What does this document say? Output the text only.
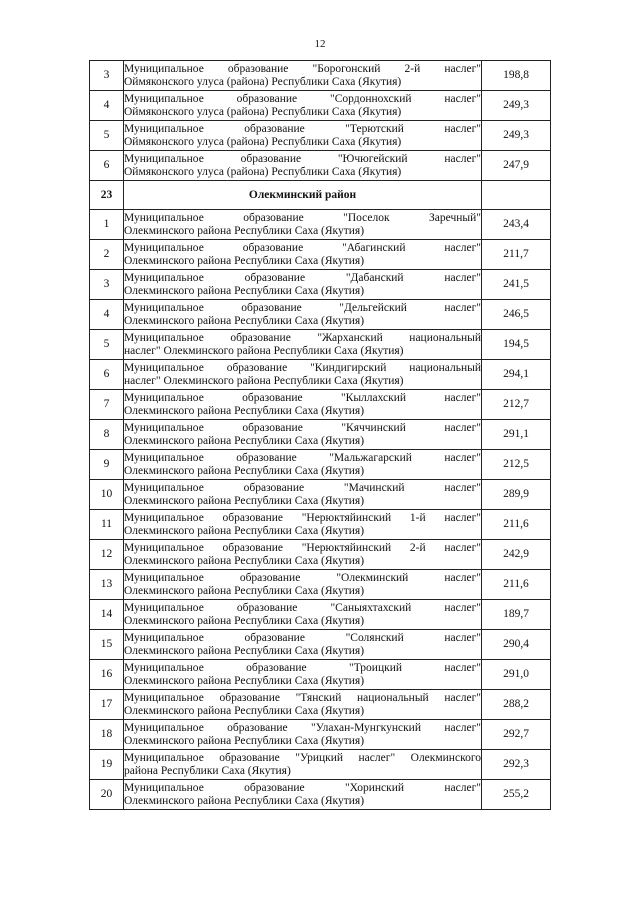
12
3	Муниципальное образование "Борогонский 2-й наслег"
Оймяконского улуса (района) Республики Саха (Якутия)	198,8
4	Муниципальное образование "Сордоннохский наслег"
Оймяконского улуса (района) Республики Саха (Якутия)	249,3
5	Муниципальное образование "Терютский наслег"
Оймяконского улуса (района) Республики Саха (Якутия)	249,3
6	Муниципальное образование "Ючюгейский наслег"
Оймяконского улуса (района) Республики Саха (Якутия)	247,9
23	Олекминский район	
1	Муниципальное образование "Поселок Заречный"
Олекминского района Республики Саха (Якутия)	243,4
2	Муниципальное образование "Абагинский наслег"
Олекминского района Республики Саха (Якутия)	211,7
3	Муниципальное образование "Дабанский наслег"
Олекминского района Республики Саха (Якутия)	241,5
4	Муниципальное образование "Дельгейский наслег"
Олекминского района Республики Саха (Якутия)	246,5
5	Муниципальное образование "Жарханский национальный
наслег" Олекминского района Республики Саха (Якутия)	194,5
6	Муниципальное образование "Киндигирский национальный
наслег" Олекминского района Республики Саха (Якутия)	294,1
7	Муниципальное образование "Кыллахский наслег"
Олекминского района Республики Саха (Якутия)	212,7
8	Муниципальное образование "Кяччинский наслег"
Олекминского района Республики Саха (Якутия)	291,1
9	Муниципальное образование "Мальжагарский наслег"
Олекминского района Республики Саха (Якутия)	212,5
10	Муниципальное образование "Мачинский наслег"
Олекминского района Республики Саха (Якутия)	289,9
11	Муниципальное образование "Нерюктяйинский 1-й наслег"
Олекминского района Республики Саха (Якутия)	211,6
12	Муниципальное образование "Нерюктяйинский 2-й наслег"
Олекминского района Республики Саха (Якутия)	242,9
13	Муниципальное образование "Олекминский наслег"
Олекминского района Республики Саха (Якутия)	211,6
14	Муниципальное образование "Саныяхтахский наслег"
Олекминского района Республики Саха (Якутия)	189,7
15	Муниципальное образование "Солянский наслег"
Олекминского района Республики Саха (Якутия)	290,4
16	Муниципальное образование "Троицкий наслег"
Олекминского района Республики Саха (Якутия)	291,0
17	Муниципальное образование "Тянский национальный наслег"
Олекминского района Республики Саха (Якутия)	288,2
18	Муниципальное образование "Улахан-Мунгкунский наслег"
Олекминского района Республики Саха (Якутия)	292,7
19	Муниципальное образование "Урицкий наслег" Олекминского
района Республики Саха (Якутия)	292,3
20	Муниципальное образование "Хоринский наслег"
Олекминского района Республики Саха (Якутия)	255,2
